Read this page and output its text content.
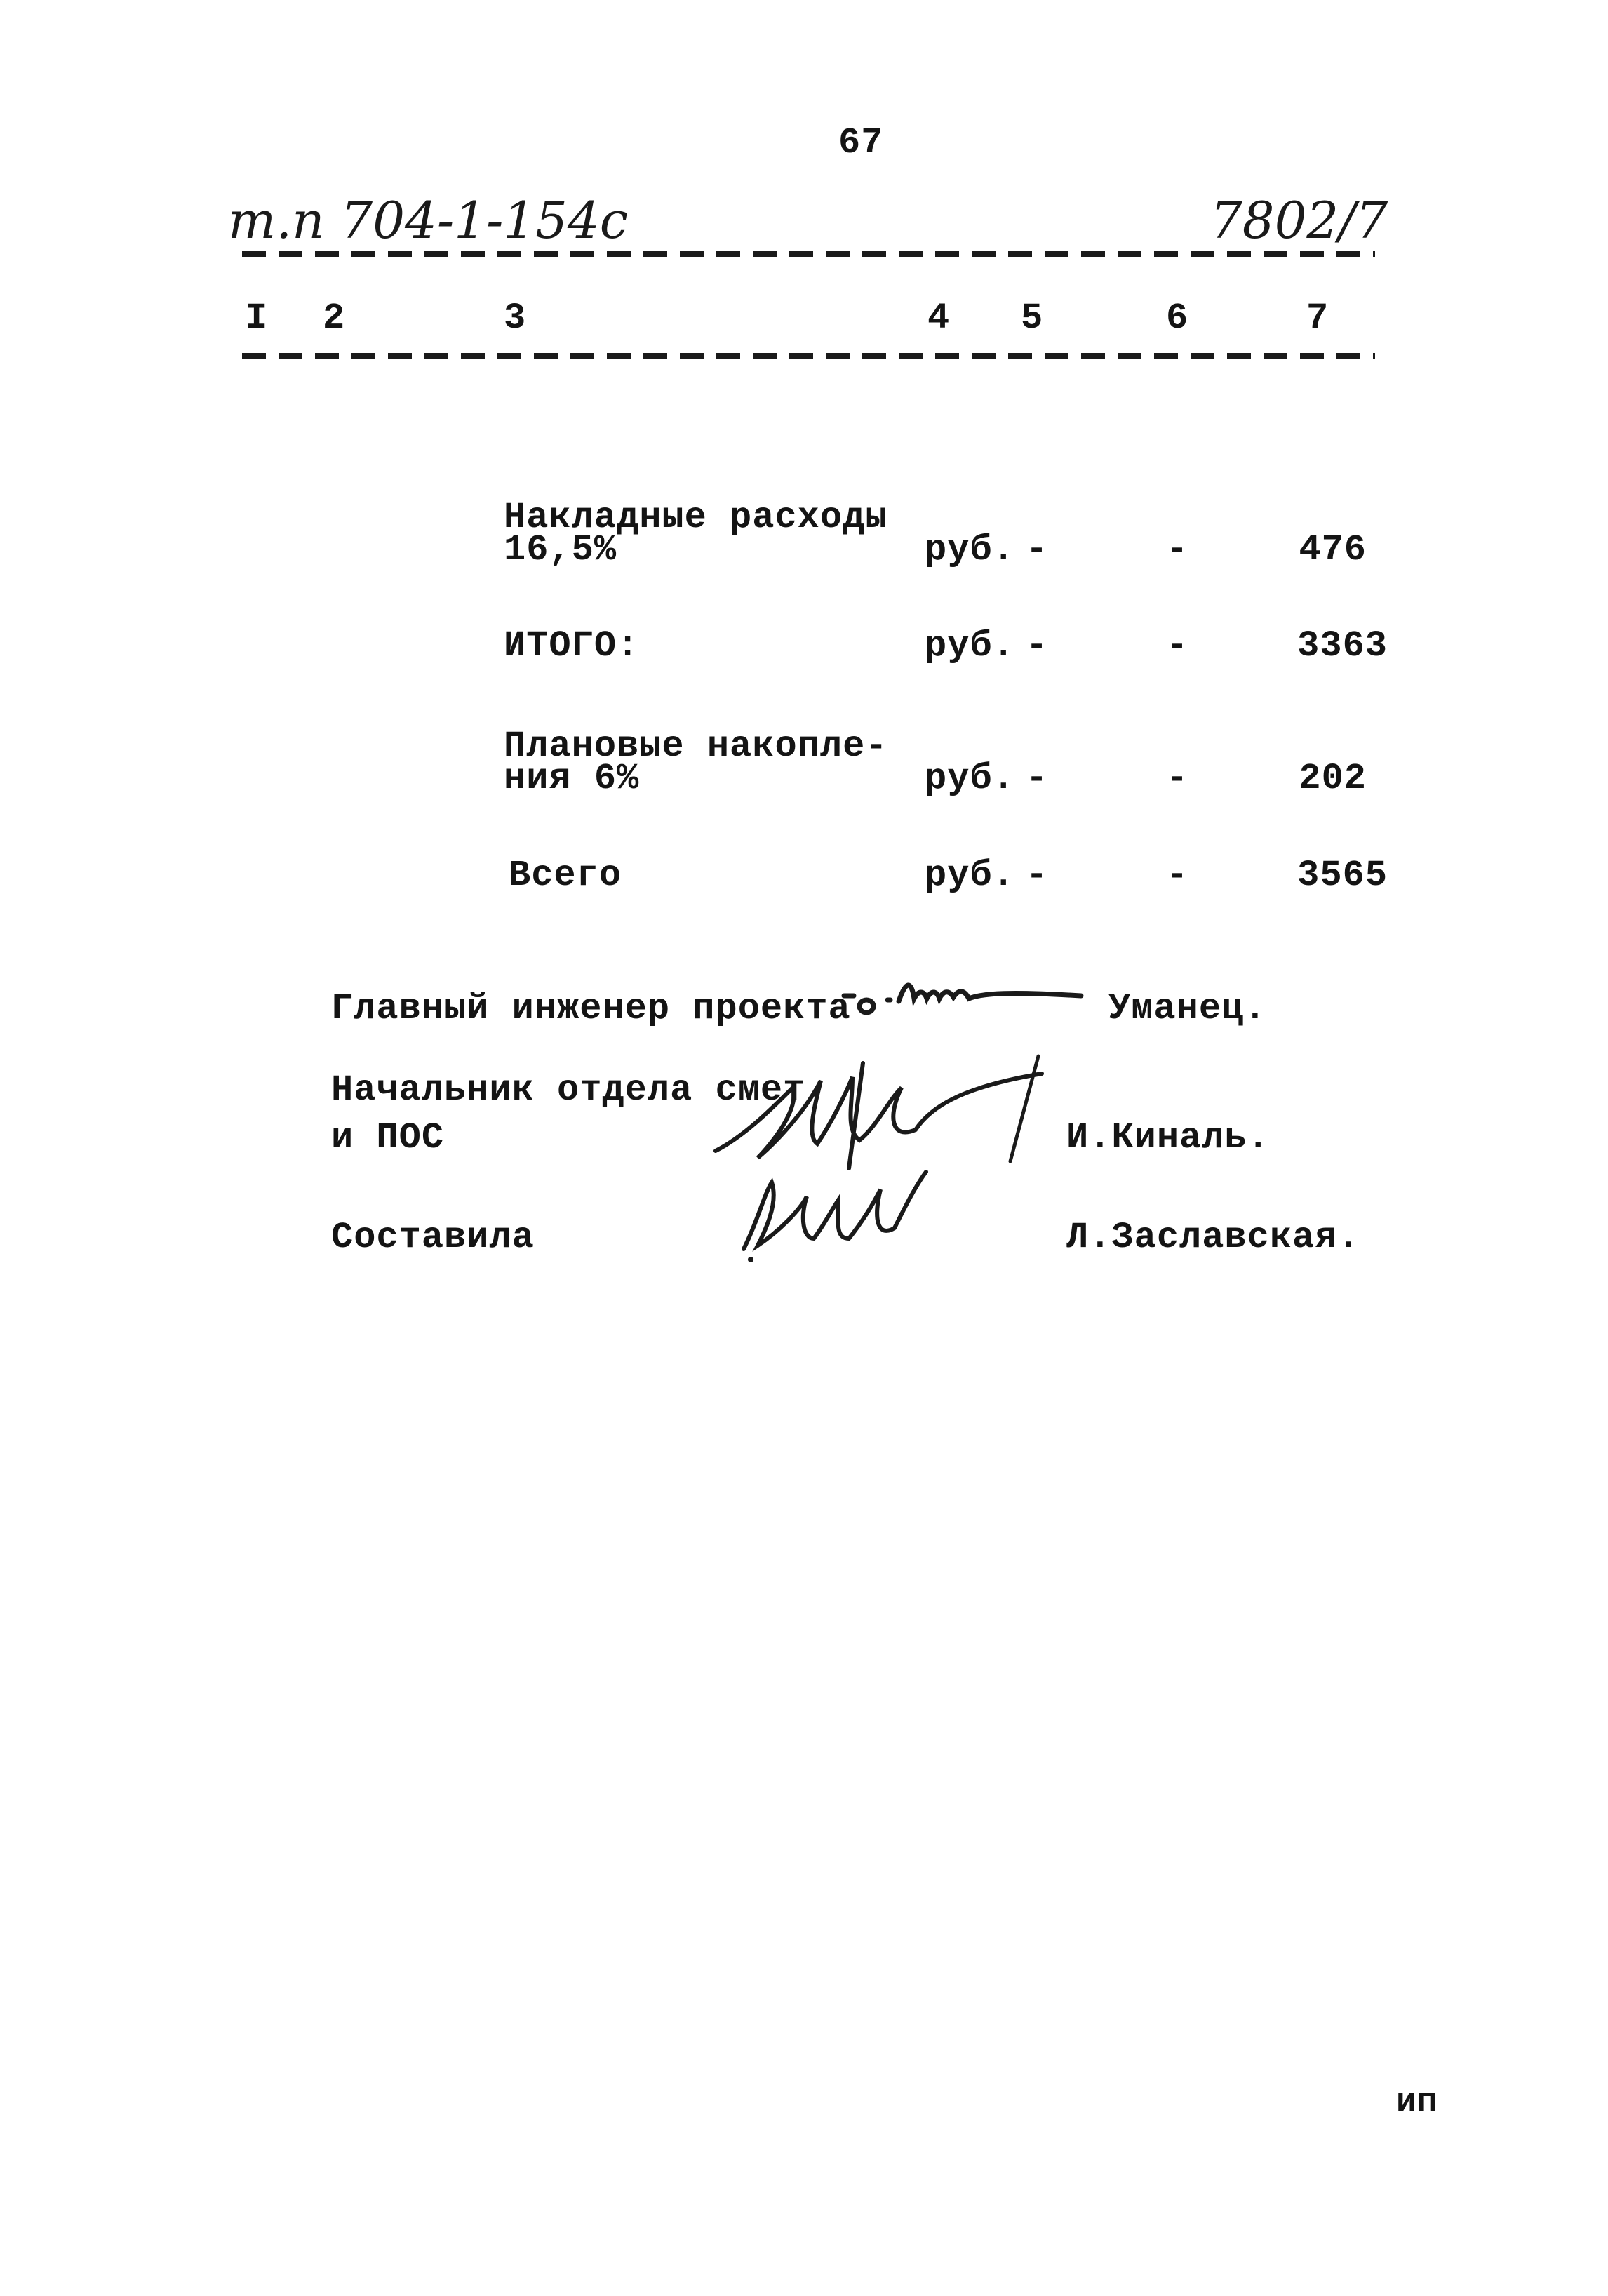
67
т.п 704-1-154с	7802/7
I 2	3	4 5	6	7
Накладные расходы
16,5%	руб. -	-	476
ИТОГО:	руб. -	-	3363
Плановые накопле-
ния 6%	руб. -	-	202
Всего	руб. -	-	3565
Главный инженер проекта	Уманец.
Начальник отдела смет
и ПОС	И.Киналь.
Составила	Л.Заславская.
ип
